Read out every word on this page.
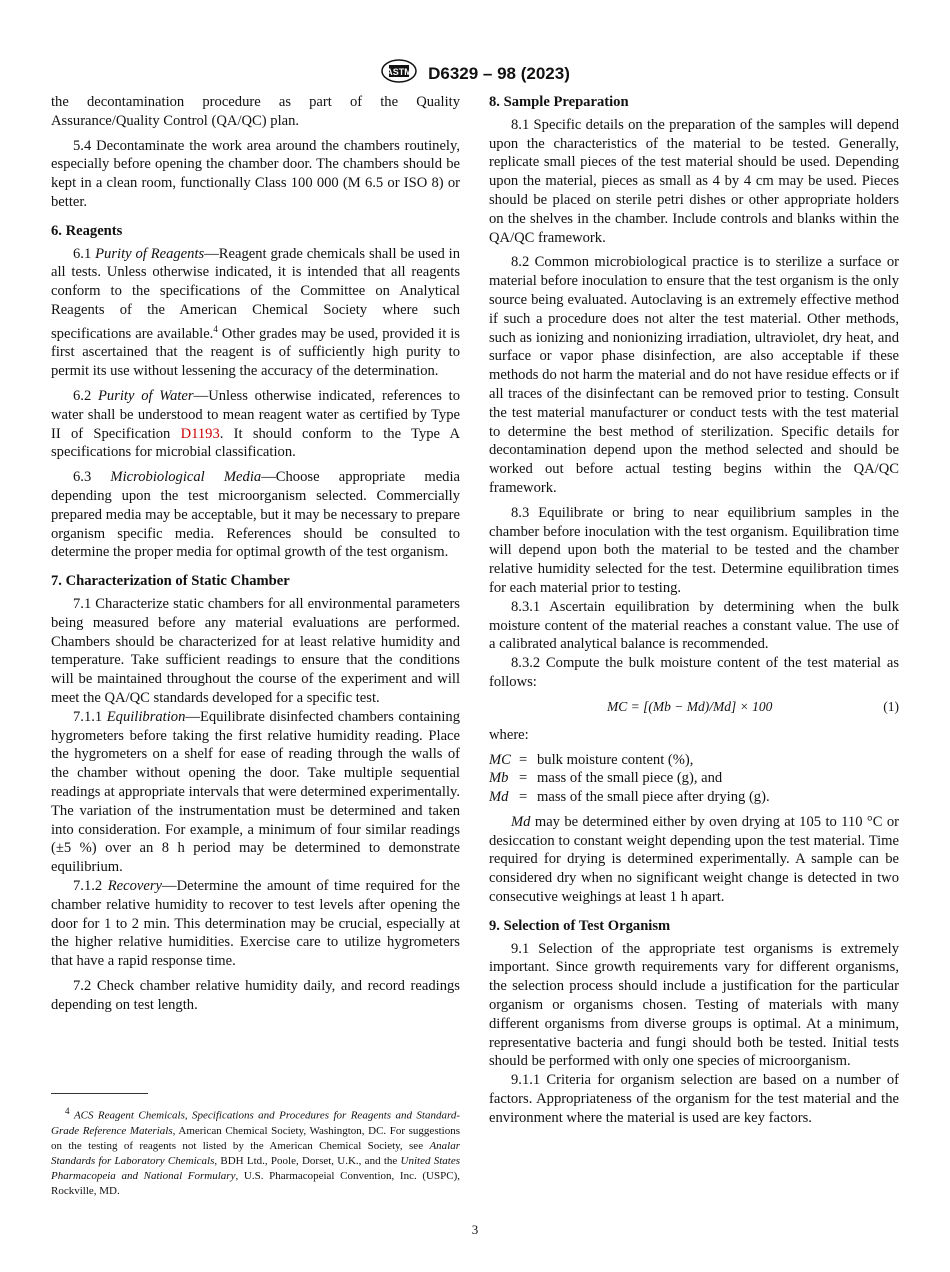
ASTM D6329 – 98 (2023)

the decontamination procedure as part of the Quality Assurance/Quality Control (QA/QC) plan.

5.4 Decontaminate the work area around the chambers routinely, especially before opening the chamber door. The chambers should be kept in a clean room, functionally Class 100 000 (M 6.5 or ISO 8) or better.

6. Reagents

6.1 Purity of Reagents—Reagent grade chemicals shall be used in all tests. Unless otherwise indicated, it is intended that all reagents conform to the specifications of the Committee on Analytical Reagents of the American Chemical Society where such specifications are available.$^4$ Other grades may be used, provided it is first ascertained that the reagent is of sufficiently high purity to permit its use without lessening the accuracy of the determination.

6.2 Purity of Water—Unless otherwise indicated, references to water shall be understood to mean reagent water as certified by Type II of Specification D1193. It should conform to the Type A specifications for microbial classification.

6.3 Microbiological Media—Choose appropriate media depending upon the test microorganism selected. Commercially prepared media may be acceptable, but it may be necessary to prepare organism specific media. References should be consulted to determine the proper media for optimal growth of the test organism.

7. Characterization of Static Chamber

7.1 Characterize static chambers for all environmental parameters being measured before any material evaluations are performed. Chambers should be characterized for at least relative humidity and temperature. Take sufficient readings to ensure that the conditions will be maintained throughout the course of the experiment and will meet the QA/QC standards developed for a specific test.

7.1.1 Equilibration—Equilibrate disinfected chambers containing hygrometers before taking the first relative humidity reading. Place the hygrometers on a shelf for ease of reading through the walls of the chamber without opening the door. Take multiple sequential readings at appropriate intervals that were determined experimentally. The variation of the instrumentation must be determined and taken into consideration. For example, a minimum of four similar readings (±5 %) over an 8 h period may be determined to demonstrate equilibrium.

7.1.2 Recovery—Determine the amount of time required for the chamber relative humidity to recover to test levels after opening the door for 1 to 2 min. This determination may be crucial, especially at the higher relative humidities. Exercise care to utilize hygrometers that have a rapid response time.

7.2 Check chamber relative humidity daily, and record readings depending on test length.

$^4$ ACS Reagent Chemicals, Specifications and Procedures for Reagents and Standard-Grade Reference Materials, American Chemical Society, Washington, DC. For suggestions on the testing of reagents not listed by the American Chemical Society, see Analar Standards for Laboratory Chemicals, BDH Ltd., Poole, Dorset, U.K., and the United States Pharmacopeia and National Formulary, U.S. Pharmacopeial Convention, Inc. (USPC), Rockville, MD.

8. Sample Preparation

8.1 Specific details on the preparation of the samples will depend upon the characteristics of the material to be tested. Generally, replicate small pieces of the test material should be used. Depending upon the material, pieces as small as 4 by 4 cm may be used. Pieces should be placed on sterile petri dishes or other appropriate holders on the shelves in the chamber. Include controls and blanks within the QA/QC framework.

8.2 Common microbiological practice is to sterilize a surface or material before inoculation to ensure that the test organism is the only source being evaluated. Autoclaving is an extremely effective method if such a procedure does not alter the test material. Other methods, such as ionizing and nonionizing irradiation, ultraviolet, dry heat, and surface or vapor phase disinfection, are also acceptable if these methods do not harm the material and do not have residue effects or if all traces of the disinfectant can be removed prior to testing. Consult the test material manufacturer or conduct tests with the test material to determine the best method of sterilization. Specific details for decontamination depend upon the method selected and should be worked out before actual testing begins within the QA/QC framework.

8.3 Equilibrate or bring to near equilibrium samples in the chamber before inoculation with the test organism. Equilibration time will depend upon both the material to be tested and the chamber relative humidity selected for the test. Determine equilibration times for each material prior to testing.

8.3.1 Ascertain equilibration by determining when the bulk moisture content of the material reaches a constant value. The use of a calibrated analytical balance is recommended.

8.3.2 Compute the bulk moisture content of the test material as follows:

MC = [(Mb − Md)/Md] × 100	(1)

where:

MC = bulk moisture content (%),
Mb = mass of the small piece (g), and
Md = mass of the small piece after drying (g).

Md may be determined either by oven drying at 105 to 110 °C or desiccation to constant weight depending upon the test material. Time required for drying is determined experimentally. A sample can be considered dry when no significant weight change is detected in two consecutive weighings at least 1 h apart.

9. Selection of Test Organism

9.1 Selection of the appropriate test organisms is extremely important. Since growth requirements vary for different organisms, the selection process should include a justification for the particular organism or organisms chosen. Testing of materials with many different organisms from diverse groups is optimal. At a minimum, representative bacteria and fungi should both be tested. Initial tests should be performed with only one species of microorganism.

9.1.1 Criteria for organism selection are based on a number of factors. Appropriateness of the organism for the test material and the environment where the material is used are key factors.

3
